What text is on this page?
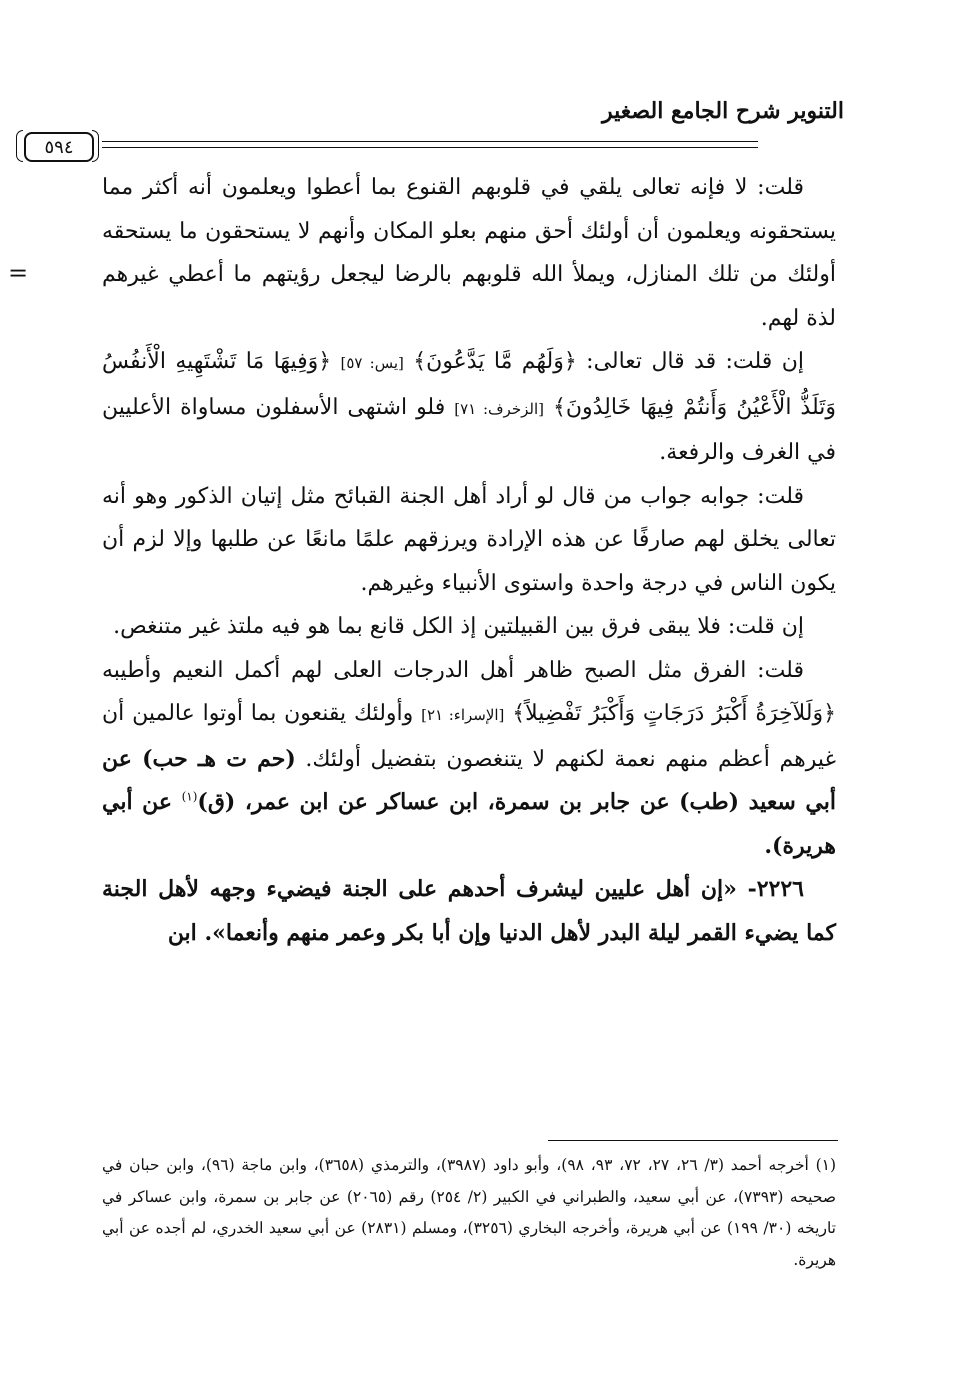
التنوير شرح الجامع الصغير
=
٥٩٤

قلت: لا فإنه تعالى يلقي في قلوبهم القنوع بما أعطوا ويعلمون أنه أكثر مما يستحقونه ويعلمون أن أولئك أحق منهم بعلو المكان وأنهم لا يستحقون ما يستحقه أولئك من تلك المنازل، ويملأ الله قلوبهم بالرضا ليجعل رؤيتهم ما أعطي غيرهم لذة لهم.

إن قلت: قد قال تعالى: ﴿وَلَهُم مَّا يَدَّعُونَ﴾ [يس: ٥٧] ﴿وَفِيهَا مَا تَشْتَهِيهِ الْأَنفُسُ وَتَلَذُّ الْأَعْيُنُ وَأَنتُمْ فِيهَا خَالِدُونَ﴾ [الزخرف: ٧١] فلو اشتهى الأسفلون مساواة الأعليين في الغرف والرفعة.

قلت: جوابه جواب من قال لو أراد أهل الجنة القبائح مثل إتيان الذكور وهو أنه تعالى يخلق لهم صارفًا عن هذه الإرادة ويرزقهم علمًا مانعًا عن طلبها وإلا لزم أن يكون الناس في درجة واحدة واستوى الأنبياء وغيرهم.

إن قلت: فلا يبقى فرق بين القبيلتين إذ الكل قانع بما هو فيه ملتذ غير متنغص.

قلت: الفرق مثل الصبح ظاهر أهل الدرجات العلى لهم أكمل النعيم وأطيبه ﴿وَلَلآخِرَةُ أَكْبَرُ دَرَجَاتٍ وَأَكْبَرُ تَفْضِيلاً﴾ [الإسراء: ٢١] وأولئك يقنعون بما أوتوا عالمين أن غيرهم أعظم منهم نعمة لكنهم لا يتنغصون بتفضيل أولئك. (حم ت هـ حب) عن أبي سعيد (طب) عن جابر بن سمرة، ابن عساكر عن ابن عمر، (ق)$^{(١)}$ عن أبي هريرة).

٢٢٢٦- «إن أهل عليين ليشرف أحدهم على الجنة فيضيء وجهه لأهل الجنة كما يضيء القمر ليلة البدر لأهل الدنيا وإن أبا بكر وعمر منهم وأنعما». ابن

(١) أخرجه أحمد (٣/ ٢٦، ٢٧، ٧٢، ٩٣، ٩٨)، وأبو داود (٣٩٨٧)، والترمذي (٣٦٥٨)، وابن ماجة (٩٦)، وابن حبان في صحيحه (٧٣٩٣)، عن أبي سعيد، والطبراني في الكبير (٢/ ٢٥٤) رقم (٢٠٦٥) عن جابر بن سمرة، وابن عساكر في تاريخه (٣٠/ ١٩٩) عن أبي هريرة، وأخرجه البخاري (٣٢٥٦)، ومسلم (٢٨٣١) عن أبي سعيد الخدري، لم أجده عن أبي هريرة.
